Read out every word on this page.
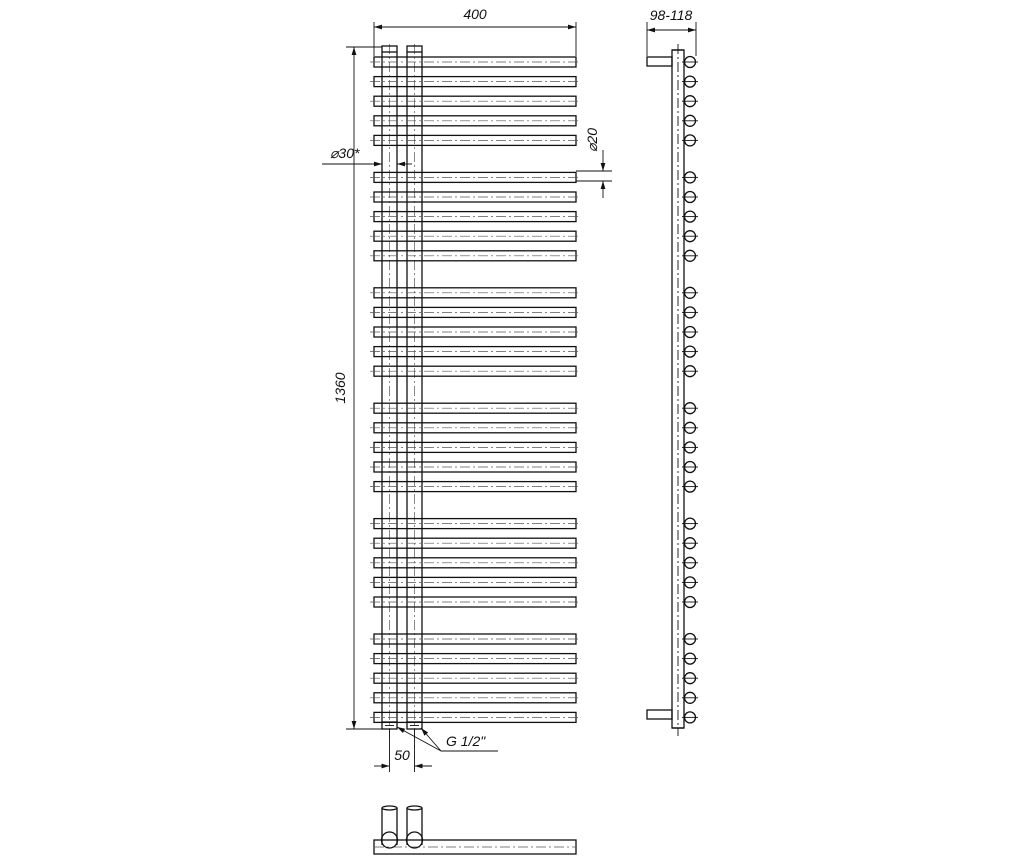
400
1360
⌀30*
⌀20
50
G 1/2"
98-118
